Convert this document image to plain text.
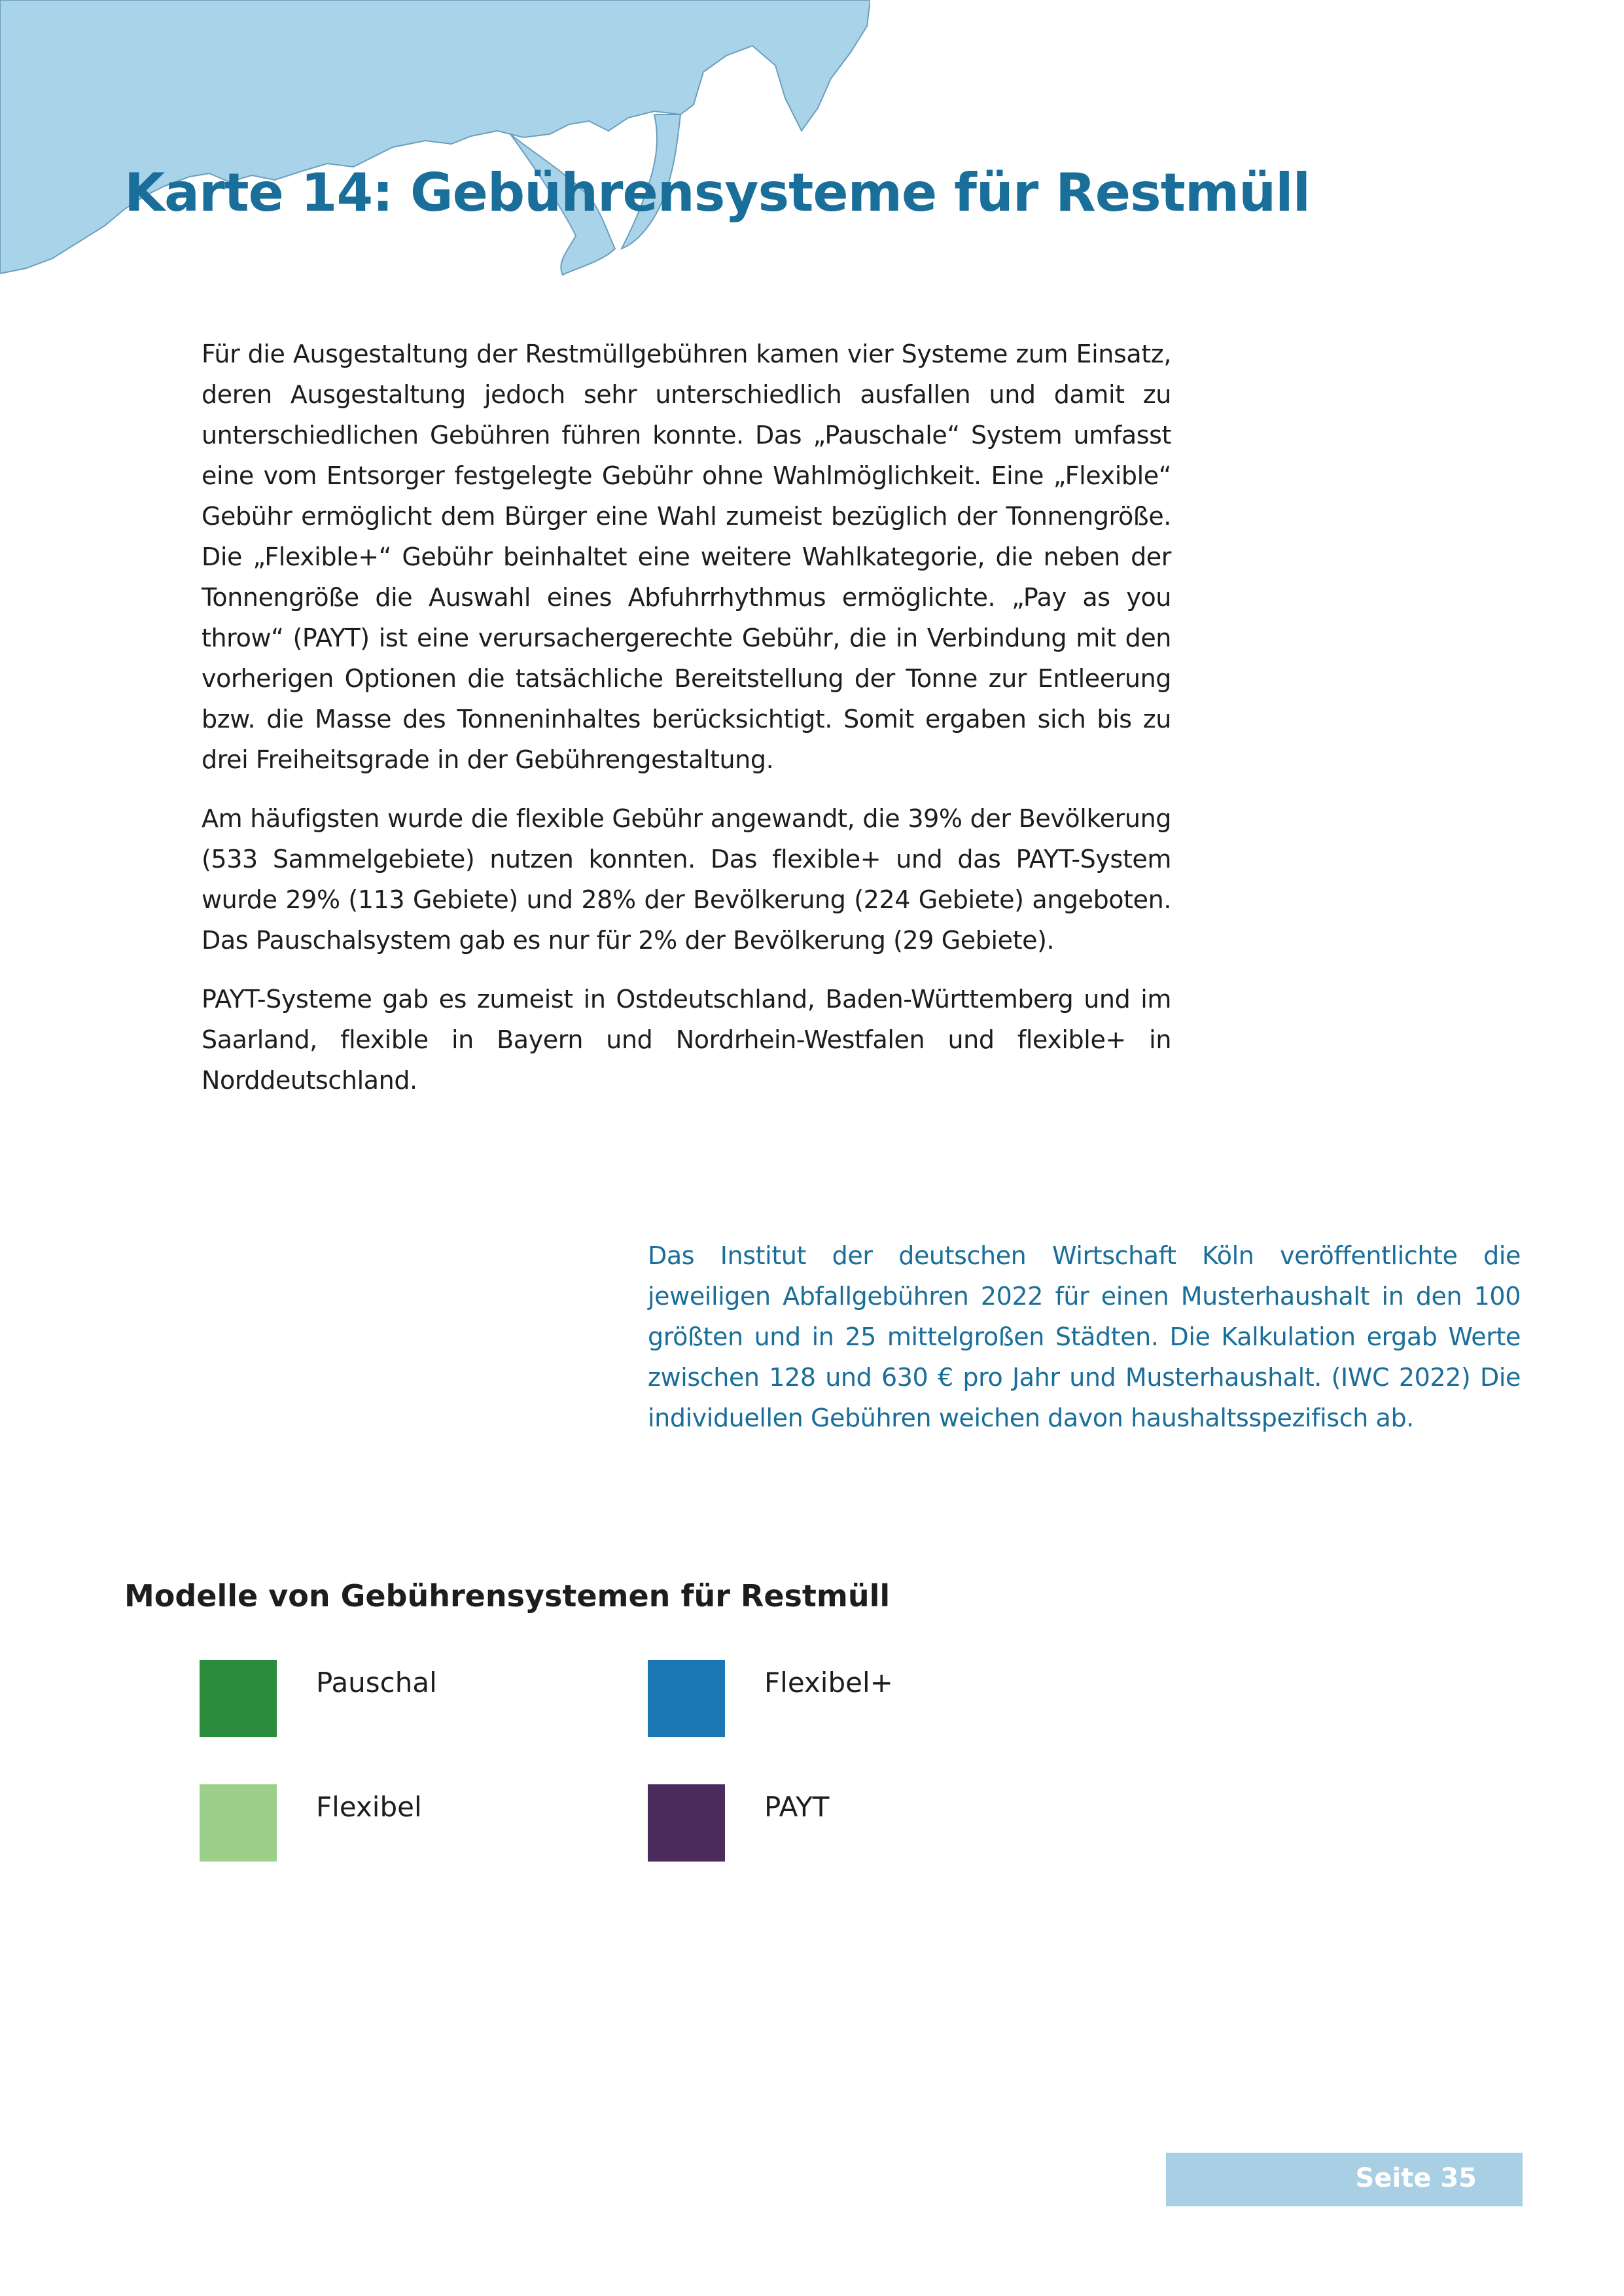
Karte 14: Gebührensysteme für Restmüll

Für die Ausgestaltung der Restmüllgebühren kamen vier Systeme zum Einsatz, deren Ausgestaltung jedoch sehr unterschiedlich ausfallen und damit zu unterschiedlichen Gebühren führen konnte. Das „Pauschale“ System umfasst eine vom Entsorger festgelegte Gebühr ohne Wahlmöglichkeit. Eine „Flexible“ Gebühr ermöglicht dem Bürger eine Wahl zumeist bezüglich der Tonnengröße. Die „Flexible+“ Gebühr beinhaltet eine weitere Wahlkategorie, die neben der Tonnengröße die Auswahl eines Abfuhrrhythmus ermöglichte. „Pay as you throw“ (PAYT) ist eine verursachergerechte Gebühr, die in Verbindung mit den vorherigen Optionen die tatsächliche Bereitstellung der Tonne zur Entleerung bzw. die Masse des Tonneninhaltes berücksichtigt. Somit ergaben sich bis zu drei Freiheitsgrade in der Gebührengestaltung.

Am häufigsten wurde die flexible Gebühr angewandt, die 39% der Bevölkerung (533 Sammelgebiete) nutzen konnten. Das flexible+ und das PAYT-System wurde 29% (113 Gebiete) und 28% der Bevölkerung (224 Gebiete) angeboten. Das Pauschalsystem gab es nur für 2% der Bevölkerung (29 Gebiete).

PAYT-Systeme gab es zumeist in Ostdeutschland, Baden-Württemberg und im Saarland, flexible in Bayern und Nordrhein-Westfalen und flexible+ in Norddeutschland.

Das Institut der deutschen Wirtschaft Köln veröffentlichte die jeweiligen Abfallgebühren 2022 für einen Musterhaushalt in den 100 größten und in 25 mittelgroßen Städten. Die Kalkulation ergab Werte zwischen 128 und 630 € pro Jahr und Musterhaushalt. (IWC 2022) Die individuellen Gebühren weichen davon haushaltsspezifisch ab.

Modelle von Gebührensystemen für Restmüll
Pauschal
Flexibel
Flexibel+
PAYT
Seite 35
